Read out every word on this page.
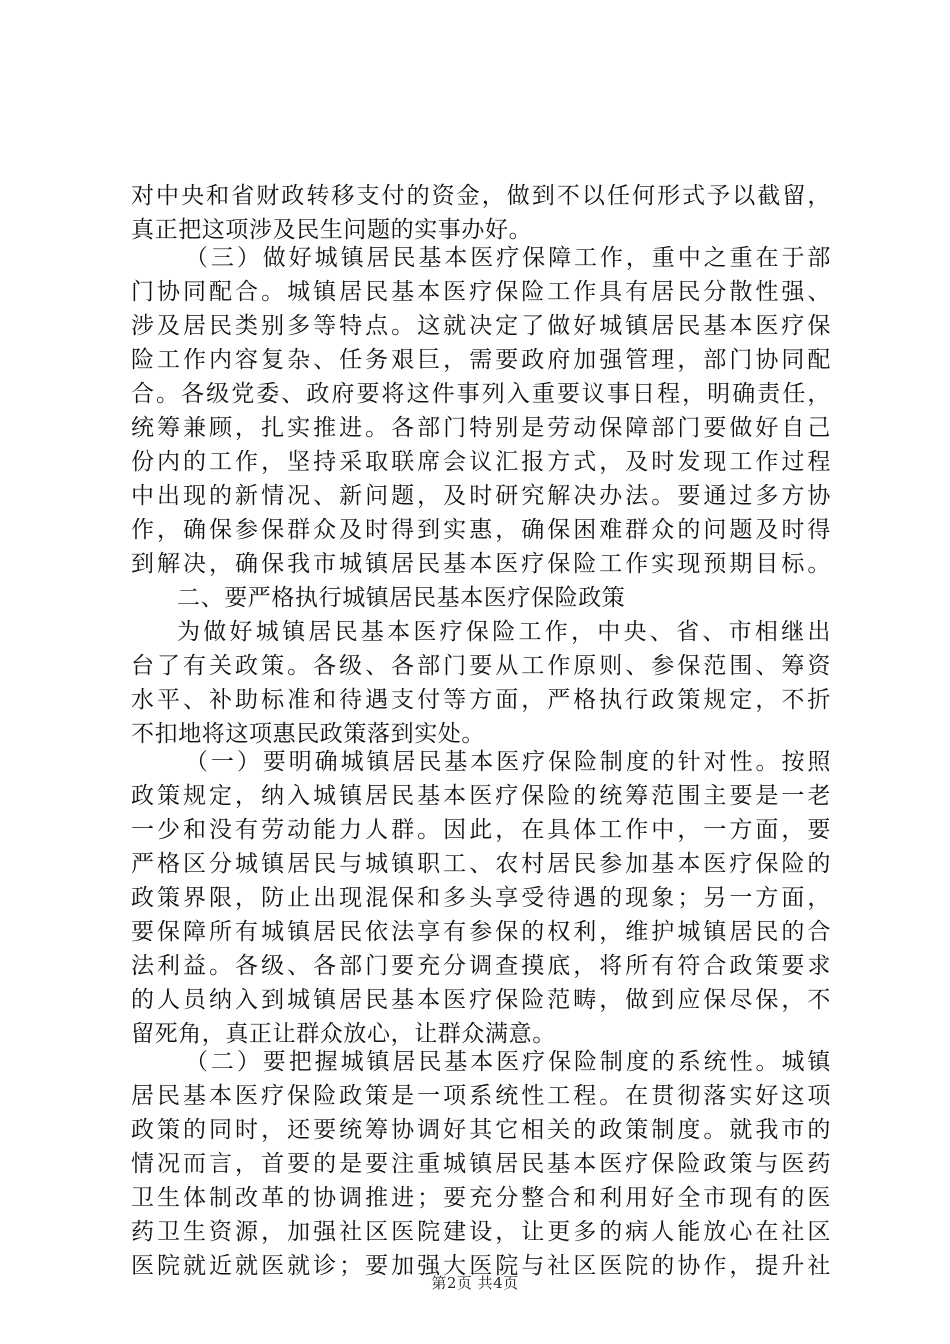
对中央和省财政转移支付的资金，做到不以任何形式予以截留，
真正把这项涉及民生问题的实事办好。
（三）做好城镇居民基本医疗保障工作，重中之重在于部
门协同配合。城镇居民基本医疗保险工作具有居民分散性强、
涉及居民类别多等特点。这就决定了做好城镇居民基本医疗保
险工作内容复杂、任务艰巨，需要政府加强管理，部门协同配
合。各级党委、政府要将这件事列入重要议事日程，明确责任，
统筹兼顾，扎实推进。各部门特别是劳动保障部门要做好自己
份内的工作，坚持采取联席会议汇报方式，及时发现工作过程
中出现的新情况、新问题，及时研究解决办法。要通过多方协
作，确保参保群众及时得到实惠，确保困难群众的问题及时得
到解决，确保我市城镇居民基本医疗保险工作实现预期目标。
二、要严格执行城镇居民基本医疗保险政策
为做好城镇居民基本医疗保险工作，中央、省、市相继出
台了有关政策。各级、各部门要从工作原则、参保范围、筹资
水平、补助标准和待遇支付等方面，严格执行政策规定，不折
不扣地将这项惠民政策落到实处。
（一）要明确城镇居民基本医疗保险制度的针对性。按照
政策规定，纳入城镇居民基本医疗保险的统筹范围主要是一老
一少和没有劳动能力人群。因此，在具体工作中，一方面，要
严格区分城镇居民与城镇职工、农村居民参加基本医疗保险的
政策界限，防止出现混保和多头享受待遇的现象；另一方面，
要保障所有城镇居民依法享有参保的权利，维护城镇居民的合
法利益。各级、各部门要充分调查摸底，将所有符合政策要求
的人员纳入到城镇居民基本医疗保险范畴，做到应保尽保，不
留死角，真正让群众放心，让群众满意。
（二）要把握城镇居民基本医疗保险制度的系统性。城镇
居民基本医疗保险政策是一项系统性工程。在贯彻落实好这项
政策的同时，还要统筹协调好其它相关的政策制度。就我市的
情况而言，首要的是要注重城镇居民基本医疗保险政策与医药
卫生体制改革的协调推进；要充分整合和利用好全市现有的医
药卫生资源，加强社区医院建设，让更多的病人能放心在社区
医院就近就医就诊；要加强大医院与社区医院的协作，提升社
第2页 共4页
